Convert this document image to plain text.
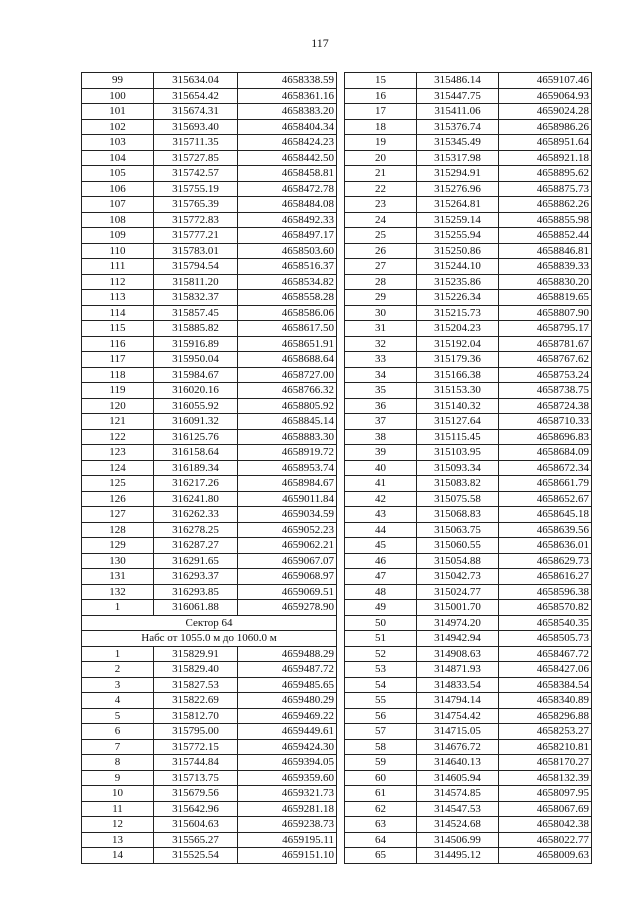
117
99	315634.04	4658338.59
100	315654.42	4658361.16
101	315674.31	4658383.20
102	315693.40	4658404.34
103	315711.35	4658424.23
104	315727.85	4658442.50
105	315742.57	4658458.81
106	315755.19	4658472.78
107	315765.39	4658484.08
108	315772.83	4658492.33
109	315777.21	4658497.17
110	315783.01	4658503.60
111	315794.54	4658516.37
112	315811.20	4658534.82
113	315832.37	4658558.28
114	315857.45	4658586.06
115	315885.82	4658617.50
116	315916.89	4658651.91
117	315950.04	4658688.64
118	315984.67	4658727.00
119	316020.16	4658766.32
120	316055.92	4658805.92
121	316091.32	4658845.14
122	316125.76	4658883.30
123	316158.64	4658919.72
124	316189.34	4658953.74
125	316217.26	4658984.67
126	316241.80	4659011.84
127	316262.33	4659034.59
128	316278.25	4659052.23
129	316287.27	4659062.21
130	316291.65	4659067.07
131	316293.37	4659068.97
132	316293.85	4659069.51
1	316061.88	4659278.90
Сектор 64		
Набс от 1055.0 м до 1060.0 м		
1	315829.91	4659488.29
2	315829.40	4659487.72
3	315827.53	4659485.65
4	315822.69	4659480.29
5	315812.70	4659469.22
6	315795.00	4659449.61
7	315772.15	4659424.30
8	315744.84	4659394.05
9	315713.75	4659359.60
10	315679.56	4659321.73
11	315642.96	4659281.18
12	315604.63	4659238.73
13	315565.27	4659195.11
14	315525.54	4659151.10
15	315486.14	4659107.46
16	315447.75	4659064.93
17	315411.06	4659024.28
18	315376.74	4658986.26
19	315345.49	4658951.64
20	315317.98	4658921.18
21	315294.91	4658895.62
22	315276.96	4658875.73
23	315264.81	4658862.26
24	315259.14	4658855.98
25	315255.94	4658852.44
26	315250.86	4658846.81
27	315244.10	4658839.33
28	315235.86	4658830.20
29	315226.34	4658819.65
30	315215.73	4658807.90
31	315204.23	4658795.17
32	315192.04	4658781.67
33	315179.36	4658767.62
34	315166.38	4658753.24
35	315153.30	4658738.75
36	315140.32	4658724.38
37	315127.64	4658710.33
38	315115.45	4658696.83
39	315103.95	4658684.09
40	315093.34	4658672.34
41	315083.82	4658661.79
42	315075.58	4658652.67
43	315068.83	4658645.18
44	315063.75	4658639.56
45	315060.55	4658636.01
46	315054.88	4658629.73
47	315042.73	4658616.27
48	315024.77	4658596.38
49	315001.70	4658570.82
50	314974.20	4658540.35
51	314942.94	4658505.73
52	314908.63	4658467.72
53	314871.93	4658427.06
54	314833.54	4658384.54
55	314794.14	4658340.89
56	314754.42	4658296.88
57	314715.05	4658253.27
58	314676.72	4658210.81
59	314640.13	4658170.27
60	314605.94	4658132.39
61	314574.85	4658097.95
62	314547.53	4658067.69
63	314524.68	4658042.38
64	314506.99	4658022.77
65	314495.12	4658009.63
